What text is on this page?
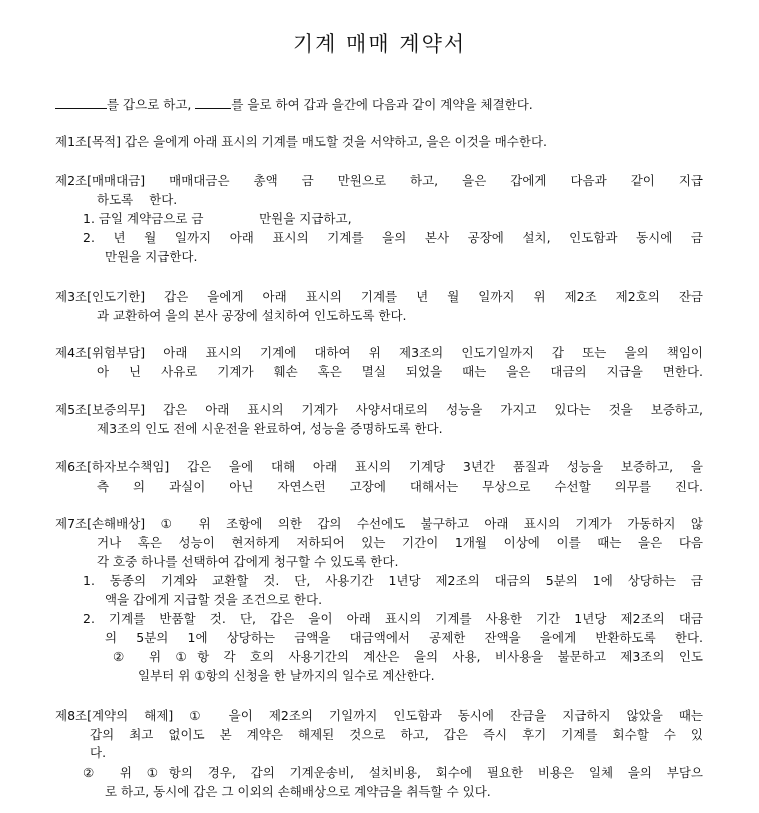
기계 매매 계약서
를 갑으로 하고,	를 을로 하여 갑과 을간에 다음과 같이 계약을 체결한다.
제1조[목적] 갑은 을에게 아래 표시의 기계를 매도할 것을 서약하고, 을은 이것을 매수한다.
제2조[매매대금] 매매대금은 총액 금 만원으로 하고, 을은 갑에게 다음과 같이 지급
하도록    한다.
1. 금일 계약금으로 금              만원을 지급하고,
2. 년 월 일까지 아래 표시의 기계를 을의 본사 공장에 설치, 인도함과 동시에 금
만원을 지급한다.
제3조[인도기한] 갑은 을에게 아래 표시의 기계를 년 월 일까지 위 제2조 제2호의 잔금
과 교환하여 을의 본사 공장에 설치하여 인도하도록 한다.
제4조[위험부담] 아래 표시의 기계에 대하여 위 제3조의 인도기일까지 갑 또는 을의 책임이
아 닌 사유로 기계가 훼손 혹은 멸실 되었을 때는 을은 대금의 지급을 면한다.
제5조[보증의무] 갑은 아래 표시의 기계가 사양서대로의 성능을 가지고 있다는 것을 보증하고,
제3조의 인도 전에 시운전을 완료하여, 성능을 증명하도록 한다.
제6조[하자보수책임] 갑은 을에 대해 아래 표시의 기계당 3년간 품질과 성능을 보증하고, 을
측 의 과실이 아닌 자연스런 고장에 대해서는 무상으로 수선할 의무를 진다.
제7조[손해배상] ① 위 조항에 의한 갑의 수선에도 불구하고 아래 표시의 기계가 가동하지 않
거나 혹은 성능이 현저하게 저하되어 있는 기간이 1개월 이상에 이를 때는 을은 다음
각 호중 하나를 선택하여 갑에게 청구할 수 있도록 한다.
1. 동종의 기계와 교환할 것. 단, 사용기간 1년당 제2조의 대금의 5분의 1에 상당하는 금
액을 갑에게 지급할 것을 조건으로 한다.
2. 기계를 반품할 것. 단, 갑은 을이 아래 표시의 기계를 사용한 기간 1년당 제2조의 대금
의 5분의 1에 상당하는 금액을 대금액에서 공제한 잔액을 을에게 반환하도록 한다.
② 위 ①항 각 호의 사용기간의 계산은 을의 사용, 비사용을 불문하고 제3조의 인도
일부터 위 ①항의 신청을 한 날까지의 일수로 계산한다.
제8조[계약의 해제] ① 을이 제2조의 기일까지 인도함과 동시에 잔금을 지급하지 않았을 때는
갑의 최고 없이도 본 계약은 해제된 것으로 하고, 갑은 즉시 후기 기계를 회수할 수 있
다.
② 위 ①항의 경우, 갑의 기계운송비, 설치비용, 회수에 필요한 비용은 일체 을의 부담으
로 하고, 동시에 갑은 그 이외의 손해배상으로 계약금을 취득할 수 있다.
